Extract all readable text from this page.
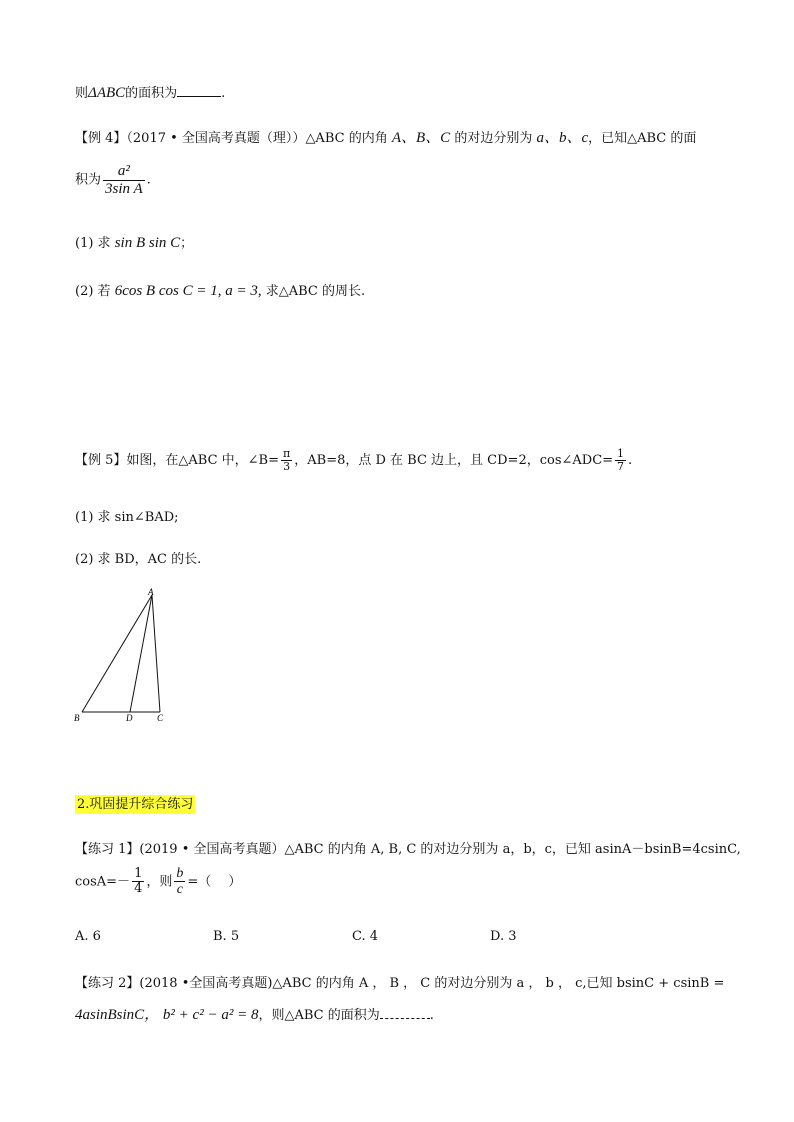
则ΔABC的面积为	.
【例 4】（2017 • 全国高考真题（理））△ABC 的内角 A、B、C 的对边分别为 a、b、c，已知△ABC 的面
积为 $\frac{\text{a²}}{\text{3sin A}}$ .
(1) 求 sin B sin C；
(2) 若 6cos B cos C = 1, a = 3, 求△ABC 的周长.
【例 5】如图，在△ABC 中，∠B= $\frac{\pi}{3}$ ，AB=8，点 D 在 BC 边上，且 CD=2，cos∠ADC= $\frac{1}{7}$ .
(1) 求 sin∠BAD;
(2) 求 BD，AC 的长.
A
B	D	C
2.巩固提升综合练习
【练习 1】(2019 • 全国高考真题）△ABC 的内角 A, B, C 的对边分别为 a，b，c，已知 asinA－bsinB=4csinC,
$\cos A=- \frac{1}{4}$ ，则 $\frac{b}{c}$ =（　 ）
A. 6	B. 5	C. 4	D. 3
【练习 2】(2018 •全国高考真题)△ABC 的内角 A ， B ， C 的对边分别为 a ， b ， c,已知 bsinC + csinB =
4asinBsinC， b² + c² − a² = 8，则△ABC 的面积为	.
